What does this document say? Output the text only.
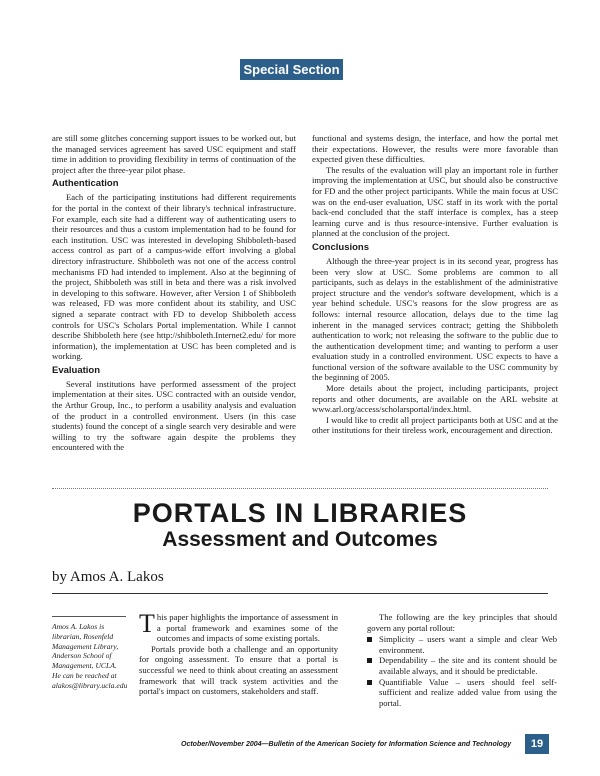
Special Section

are still some glitches concerning support issues to be worked out, but the managed services agreement has saved USC equipment and staff time in addition to providing flexibility in terms of continuation of the project after the three-year pilot phase.

Authentication

Each of the participating institutions had different requirements for the portal in the context of their library's technical infrastructure. For example, each site had a different way of authenticating users to their resources and thus a custom implementation had to be found for each institution. USC was interested in developing Shibboleth-based access control as part of a campus-wide effort involving a global directory infrastructure. Shibboleth was not one of the access control mechanisms FD had intended to implement. Also at the beginning of the project, Shibboleth was still in beta and there was a risk involved in developing to this software. However, after Version 1 of Shibboleth was released, FD was more confident about its stability, and USC signed a separate contract with FD to develop Shibboleth access controls for USC's Scholars Portal implementation. While I cannot describe Shibboleth here (see http://shibboleth.Internet2.edu/ for more information), the implementation at USC has been completed and is working.

Evaluation

Several institutions have performed assessment of the project implementation at their sites. USC contracted with an outside vendor, the Arthur Group, Inc., to perform a usability analysis and evaluation of the product in a controlled environment. Users (in this case students) found the concept of a single search very desirable and were willing to try the software again despite the problems they encountered with the

functional and systems design, the interface, and how the portal met their expectations. However, the results were more favorable than expected given these difficulties.

The results of the evaluation will play an important role in further improving the implementation at USC, but should also be constructive for FD and the other project participants. While the main focus at USC was on the end-user evaluation, USC staff in its work with the portal back-end concluded that the staff interface is complex, has a steep learning curve and is thus resource-intensive. Further evaluation is planned at the conclusion of the project.

Conclusions

Although the three-year project is in its second year, progress has been very slow at USC. Some problems are common to all participants, such as delays in the establishment of the administrative project structure and the vendor's software development, which is a year behind schedule. USC's reasons for the slow progress are as follows: internal resource allocation, delays due to the time lag inherent in the managed services contract; getting the Shibboleth authentication to work; not releasing the software to the public due to the authentication development time; and wanting to perform a user evaluation study in a controlled environment. USC expects to have a functional version of the software available to the USC community by the beginning of 2005.

More details about the project, including participants, project reports and other documents, are available on the ARL website at www.arl.org/access/scholarsportal/index.html.

I would like to credit all project participants both at USC and at the other institutions for their tireless work, encouragement and direction.

PORTALS IN LIBRARIES
Assessment and Outcomes
by Amos A. Lakos
Amos A. Lakos is librarian, Rosenfeld Management Library, Anderson School of Management, UCLA. He can be reached at alakos@library.ucla.edu

This paper highlights the importance of assessment in a portal framework and examines some of the outcomes and impacts of some existing portals.

Portals provide both a challenge and an opportunity for ongoing assessment. To ensure that a portal is successful we need to think about creating an assessment framework that will track system activities and the portal's impact on customers, stakeholders and staff.

The following are the key principles that should govern any portal rollout:

Simplicity – users want a simple and clear Web environment.
Dependability – the site and its content should be available always, and it should be predictable.
Quantifiable Value – users should feel self-sufficient and realize added value from using the portal.
October/November 2004—Bulletin of the American Society for Information Science and Technology	19
